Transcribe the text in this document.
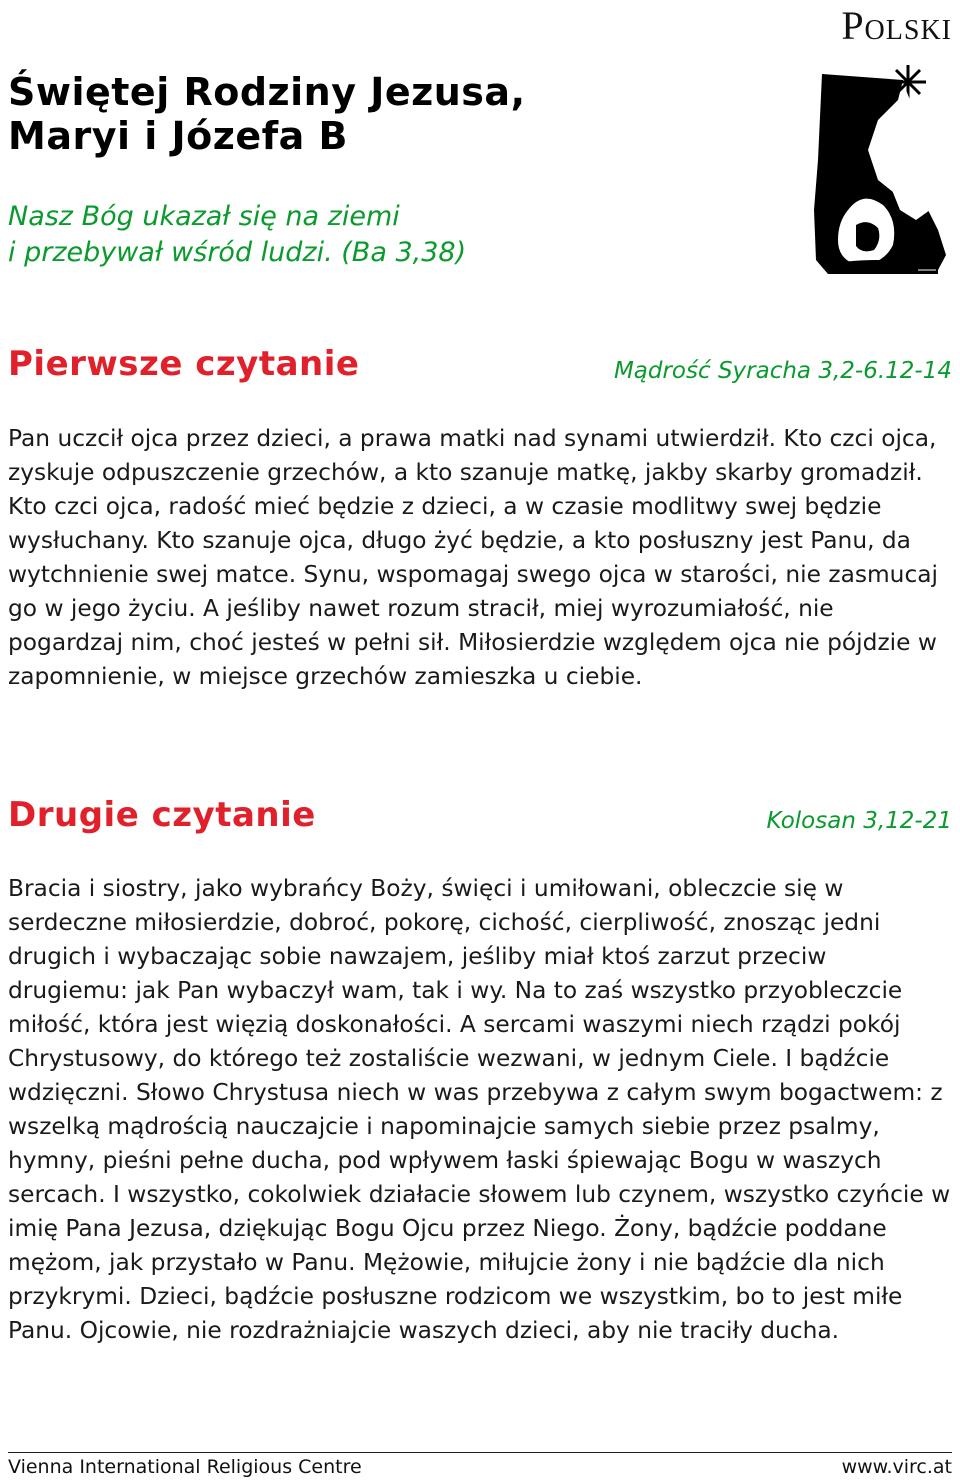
Polski
Świętej Rodziny Jezusa, Maryi i Józefa B
Nasz Bóg ukazał się na ziemi
i przebywał wśród ludzi. (Ba 3,38)
Pierwsze czytanie	Mądrość Syracha 3,2-6.12-14

Pan uczcił ojca przez dzieci, a prawa matki nad synami utwierdził. Kto czci ojca, zyskuje odpuszczenie grzechów, a kto szanuje matkę, jakby skarby gromadził. Kto czci ojca, radość mieć będzie z dzieci, a w czasie modlitwy swej będzie wysłuchany. Kto szanuje ojca, długo żyć będzie, a kto posłuszny jest Panu, da wytchnienie swej matce. Synu, wspomagaj swego ojca w starości, nie zasmucaj go w jego życiu. A jeśliby nawet rozum stracił, miej wyrozumiałość, nie pogardzaj nim, choć jesteś w pełni sił. Miłosierdzie względem ojca nie pójdzie w zapomnienie, w miejsce grzechów zamieszka u ciebie.

Drugie czytanie	Kolosan 3,12-21

Bracia i siostry, jako wybrańcy Boży, święci i umiłowani, obleczcie się w serdeczne miłosierdzie, dobroć, pokorę, cichość, cierpliwość, znosząc jedni drugich i wybaczając sobie nawzajem, jeśliby miał ktoś zarzut przeciw drugiemu: jak Pan wybaczył wam, tak i wy. Na to zaś wszystko przyobleczcie miłość, która jest więzią doskonałości. A sercami waszymi niech rządzi pokój Chrystusowy, do którego też zostaliście wezwani, w jednym Ciele. I bądźcie wdzięczni. Słowo Chrystusa niech w was przebywa z całym swym bogactwem: z wszelką mądrością nauczajcie i napominajcie samych siebie przez psalmy, hymny, pieśni pełne ducha, pod wpływem łaski śpiewając Bogu w waszych sercach. I wszystko, cokolwiek działacie słowem lub czynem, wszystko czyńcie w imię Pana Jezusa, dziękując Bogu Ojcu przez Niego. Żony, bądźcie poddane mężom, jak przystało w Panu. Mężowie, miłujcie żony i nie bądźcie dla nich przykrymi. Dzieci, bądźcie posłuszne rodzicom we wszystkim, bo to jest miłe Panu. Ojcowie, nie rozdrażniajcie waszych dzieci, aby nie traciły ducha.

Vienna International Religious Centre	www.virc.at
